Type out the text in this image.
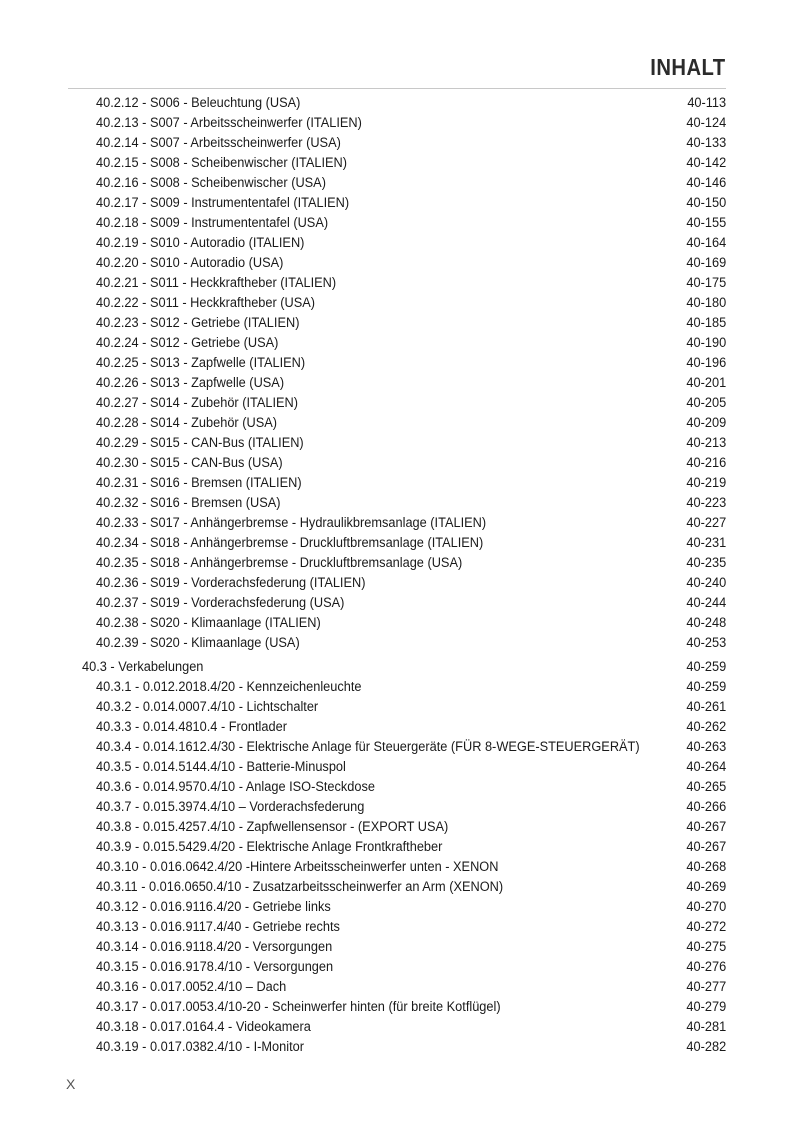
INHALT
40.2.12 - S006 - Beleuchtung (USA)	40-113
40.2.13 - S007 - Arbeitsscheinwerfer (ITALIEN)	40-124
40.2.14 - S007 - Arbeitsscheinwerfer (USA)	40-133
40.2.15 - S008 - Scheibenwischer (ITALIEN)	40-142
40.2.16 - S008 - Scheibenwischer (USA)	40-146
40.2.17 - S009 - Instrumententafel (ITALIEN)	40-150
40.2.18 - S009 - Instrumententafel (USA)	40-155
40.2.19 - S010 - Autoradio (ITALIEN)	40-164
40.2.20 - S010 - Autoradio (USA)	40-169
40.2.21 - S011 - Heckkraftheber (ITALIEN)	40-175
40.2.22 - S011 - Heckkraftheber (USA)	40-180
40.2.23 - S012 - Getriebe (ITALIEN)	40-185
40.2.24 - S012 - Getriebe (USA)	40-190
40.2.25 - S013 - Zapfwelle (ITALIEN)	40-196
40.2.26 - S013 - Zapfwelle (USA)	40-201
40.2.27 - S014 - Zubehör (ITALIEN)	40-205
40.2.28 - S014 - Zubehör (USA)	40-209
40.2.29 - S015 - CAN-Bus (ITALIEN)	40-213
40.2.30 - S015 - CAN-Bus (USA)	40-216
40.2.31 - S016 - Bremsen (ITALIEN)	40-219
40.2.32 - S016 - Bremsen (USA)	40-223
40.2.33 - S017 - Anhängerbremse - Hydraulikbremsanlage (ITALIEN)	40-227
40.2.34 - S018 - Anhängerbremse - Druckluftbremsanlage (ITALIEN)	40-231
40.2.35 - S018 - Anhängerbremse - Druckluftbremsanlage (USA)	40-235
40.2.36 - S019 - Vorderachsfederung (ITALIEN)	40-240
40.2.37 - S019 - Vorderachsfederung (USA)	40-244
40.2.38 - S020 - Klimaanlage (ITALIEN)	40-248
40.2.39 - S020 - Klimaanlage (USA)	40-253
40.3 - Verkabelungen	40-259
40.3.1 - 0.012.2018.4/20 - Kennzeichenleuchte	40-259
40.3.2 - 0.014.0007.4/10 - Lichtschalter	40-261
40.3.3 - 0.014.4810.4 - Frontlader	40-262
40.3.4 - 0.014.1612.4/30 - Elektrische Anlage für Steuergeräte (FÜR 8-WEGE-STEUERGERÄT)	40-263
40.3.5 - 0.014.5144.4/10 - Batterie-Minuspol	40-264
40.3.6 - 0.014.9570.4/10 - Anlage ISO-Steckdose	40-265
40.3.7 - 0.015.3974.4/10 – Vorderachsfederung	40-266
40.3.8 - 0.015.4257.4/10 - Zapfwellensensor - (EXPORT USA)	40-267
40.3.9 - 0.015.5429.4/20 - Elektrische Anlage Frontkraftheber	40-267
40.3.10 - 0.016.0642.4/20 -Hintere Arbeitsscheinwerfer unten - XENON	40-268
40.3.11 - 0.016.0650.4/10 - Zusatzarbeitsscheinwerfer an Arm (XENON)	40-269
40.3.12 - 0.016.9116.4/20 - Getriebe links	40-270
40.3.13 - 0.016.9117.4/40 - Getriebe rechts	40-272
40.3.14 - 0.016.9118.4/20 - Versorgungen	40-275
40.3.15 - 0.016.9178.4/10 - Versorgungen	40-276
40.3.16 - 0.017.0052.4/10 – Dach	40-277
40.3.17 - 0.017.0053.4/10-20 - Scheinwerfer hinten (für breite Kotflügel)	40-279
40.3.18 - 0.017.0164.4 - Videokamera	40-281
40.3.19 - 0.017.0382.4/10 - I-Monitor	40-282
X
